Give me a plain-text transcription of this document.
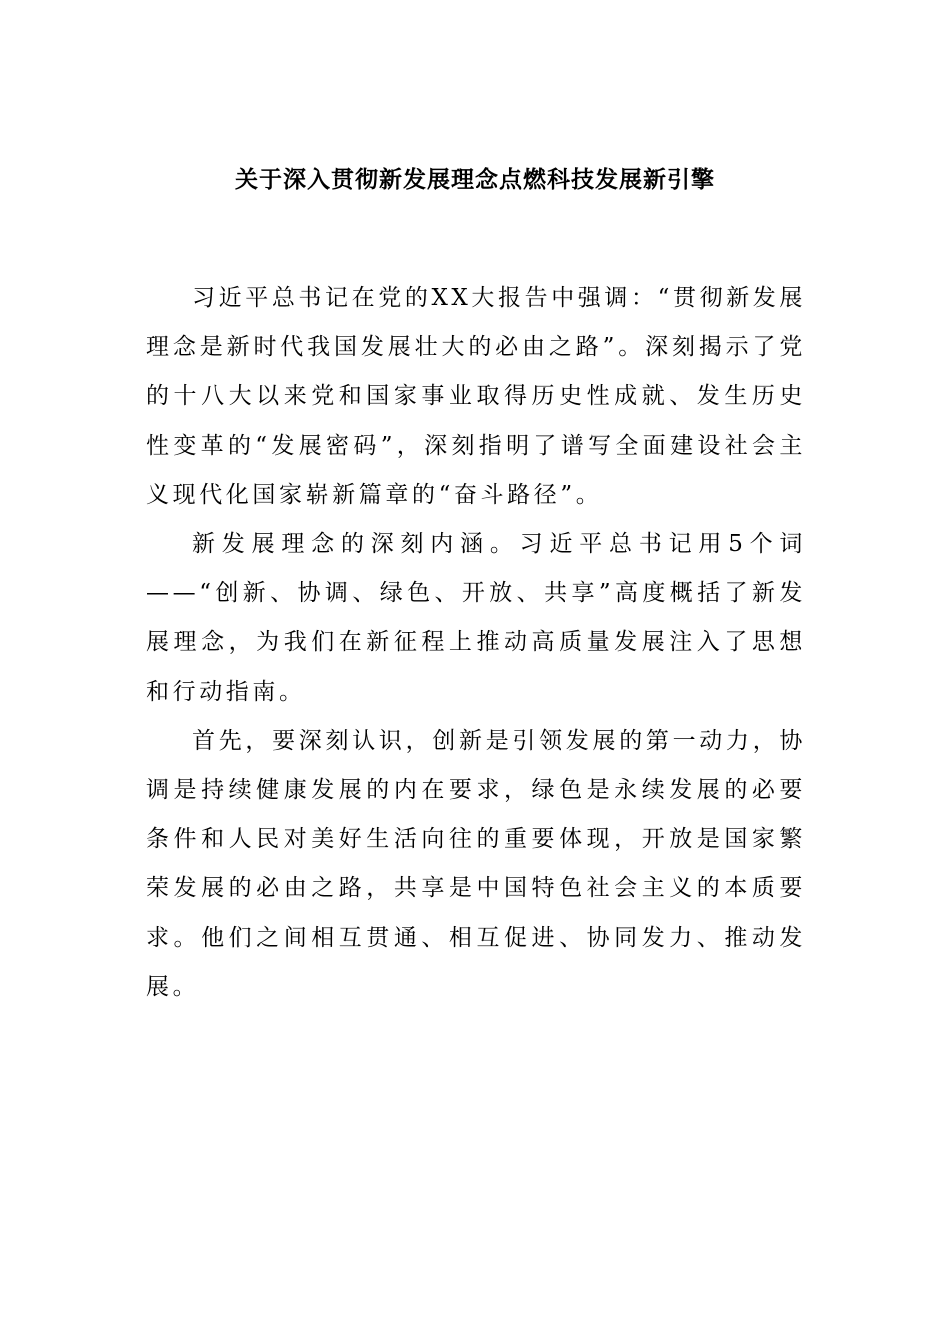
关于深入贯彻新发展理念点燃科技发展新引擎

习近平总书记在党的XX大报告中强调：“贯彻新发展理念是新时代我国发展壮大的必由之路”。深刻揭示了党的十八大以来党和国家事业取得历史性成就、发生历史性变革的“发展密码”，深刻指明了谱写全面建设社会主义现代化国家崭新篇章的“奋斗路径”。

新发展理念的深刻内涵。习近平总书记用5个词——“创新、协调、绿色、开放、共享”高度概括了新发展理念，为我们在新征程上推动高质量发展注入了思想和行动指南。

首先，要深刻认识，创新是引领发展的第一动力，协调是持续健康发展的内在要求，绿色是永续发展的必要条件和人民对美好生活向往的重要体现，开放是国家繁荣发展的必由之路，共享是中国特色社会主义的本质要求。他们之间相互贯通、相互促进、协同发力、推动发展。
